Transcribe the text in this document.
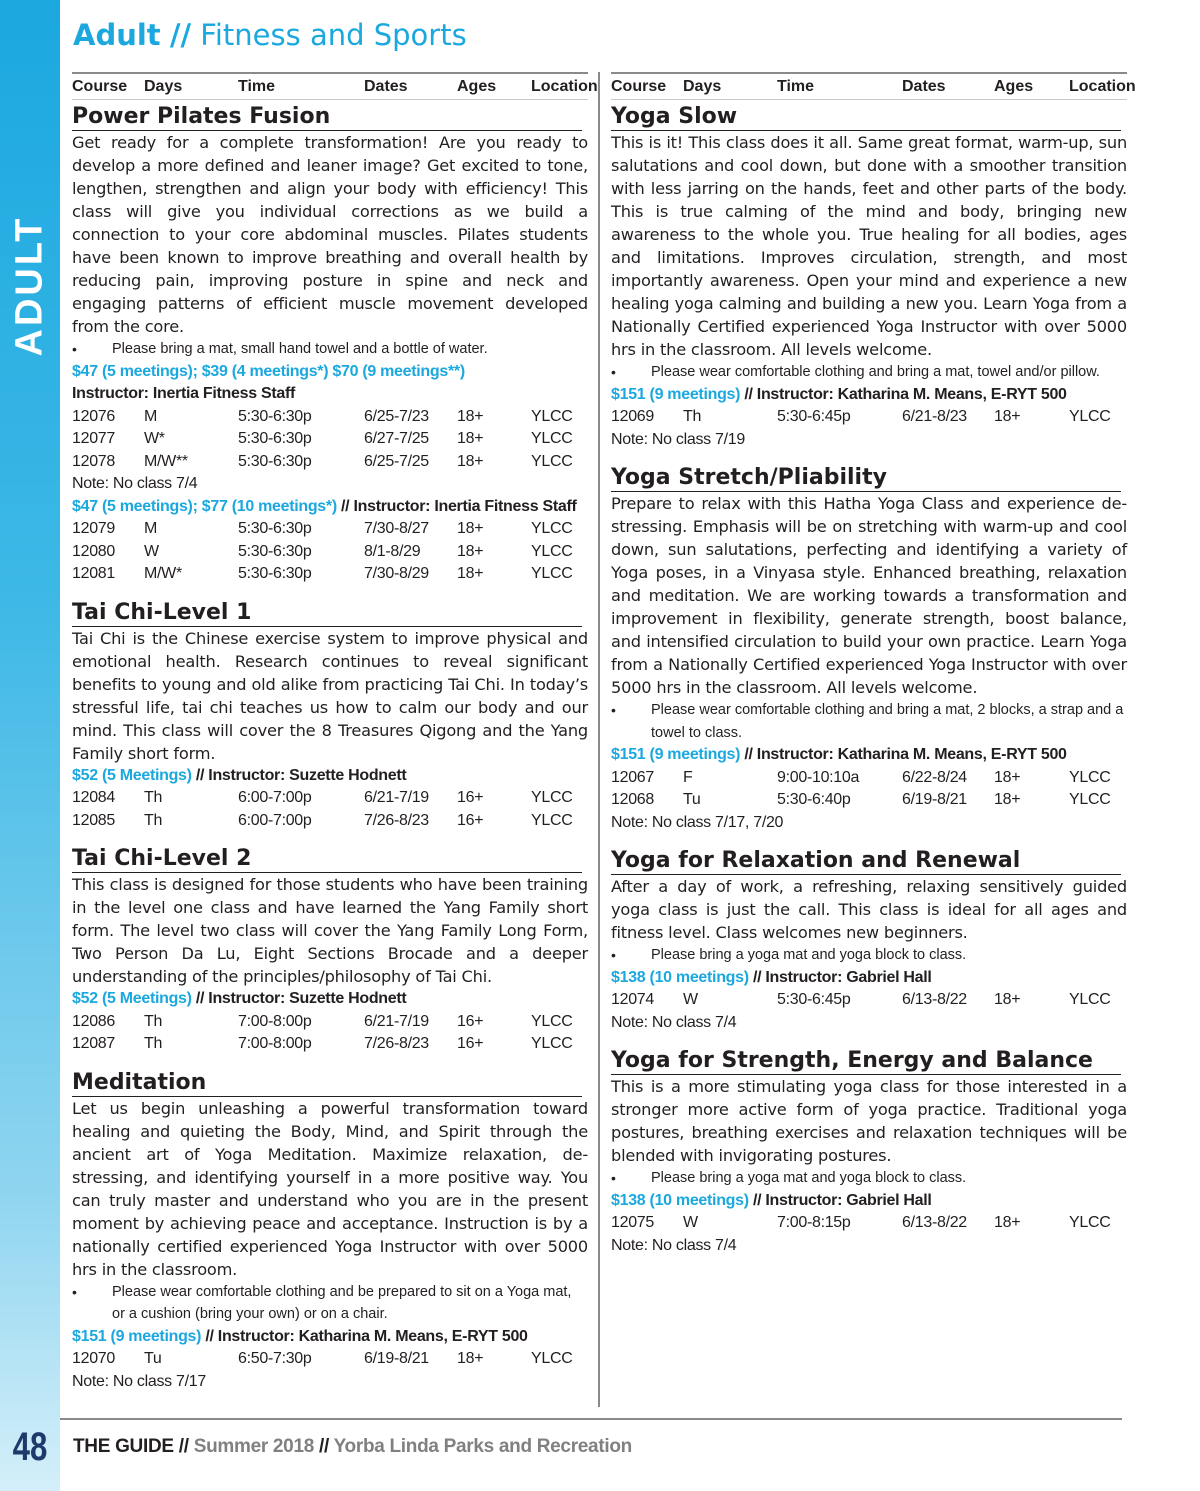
ADULT
48
Adult // Fitness and Sports
Course	Days	Time	Dates	Ages	Location
Power Pilates Fusion

Get ready for a complete transformation! Are you ready to develop a more defined and leaner image? Get excited to tone, lengthen, strengthen and align your body with efficiency! This class will give you individual corrections as we build a connection to your core abdominal muscles. Pilates students have been known to improve breathing and overall health by reducing pain, improving posture in spine and neck and engaging patterns of efficient muscle movement developed from the core.

•	Please bring a mat, small hand towel and a bottle of water.
$47 (5 meetings); $39 (4 meetings*) $70 (9 meetings**)
Instructor: Inertia Fitness Staff
12076	M	5:30-6:30p	6/25-7/23	18+	YLCC
12077	W*	5:30-6:30p	6/27-7/25	18+	YLCC
12078	M/W**	5:30-6:30p	6/25-7/25	18+	YLCC
Note: No class 7/4
$47 (5 meetings); $77 (10 meetings*) // Instructor: Inertia Fitness Staff
12079	M	5:30-6:30p	7/30-8/27	18+	YLCC
12080	W	5:30-6:30p	8/1-8/29	18+	YLCC
12081	M/W*	5:30-6:30p	7/30-8/29	18+	YLCC
Tai Chi-Level 1

Tai Chi is the Chinese exercise system to improve physical and emotional health. Research continues to reveal significant benefits to young and old alike from practicing Tai Chi. In today’s stressful life, tai chi teaches us how to calm our body and our mind. This class will cover the 8 Treasures Qigong and the Yang Family short form.

$52 (5 Meetings) // Instructor: Suzette Hodnett
12084	Th	6:00-7:00p	6/21-7/19	16+	YLCC
12085	Th	6:00-7:00p	7/26-8/23	16+	YLCC
Tai Chi-Level 2

This class is designed for those students who have been training in the level one class and have learned the Yang Family short form. The level two class will cover the Yang Family Long Form, Two Person Da Lu, Eight Sections Brocade and a deeper understanding of the principles/philosophy of Tai Chi.

$52 (5 Meetings) // Instructor: Suzette Hodnett
12086	Th	7:00-8:00p	6/21-7/19	16+	YLCC
12087	Th	7:00-8:00p	7/26-8/23	16+	YLCC
Meditation

Let us begin unleashing a powerful transformation toward healing and quieting the Body, Mind, and Spirit through the ancient art of Yoga Meditation. Maximize relaxation, de-stressing, and identifying yourself in a more positive way. You can truly master and understand who you are in the present moment by achieving peace and acceptance. Instruction is by a nationally certified experienced Yoga Instructor with over 5000 hrs in the classroom.

•	Please wear comfortable clothing and be prepared to sit on a Yoga mat, or a cushion (bring your own) or on a chair.
$151 (9 meetings) // Instructor: Katharina M. Means, E-RYT 500
12070	Tu	6:50-7:30p	6/19-8/21	18+	YLCC
Note: No class 7/17
Course	Days	Time	Dates	Ages	Location
Yoga Slow

This is it! This class does it all. Same great format, warm-up, sun salutations and cool down, but done with a smoother transition with less jarring on the hands, feet and other parts of the body. This is true calming of the mind and body, bringing new awareness to the whole you. True healing for all bodies, ages and limitations. Improves circulation, strength, and most importantly awareness. Open your mind and experience a new healing yoga calming and building a new you. Learn Yoga from a Nationally Certified experienced Yoga Instructor with over 5000 hrs in the classroom. All levels welcome.

•	Please wear comfortable clothing and bring a mat, towel and/or pillow.
$151 (9 meetings) // Instructor: Katharina M. Means, E-RYT 500
12069	Th	5:30-6:45p	6/21-8/23	18+	YLCC
Note: No class 7/19
Yoga Stretch/Pliability

Prepare to relax with this Hatha Yoga Class and experience de-stressing. Emphasis will be on stretching with warm-up and cool down, sun salutations, perfecting and identifying a variety of Yoga poses, in a Vinyasa style. Enhanced breathing, relaxation and meditation. We are working towards a transformation and improvement in flexibility, generate strength, boost balance, and intensified circulation to build your own practice. Learn Yoga from a Nationally Certified experienced Yoga Instructor with over 5000 hrs in the classroom. All levels welcome.

•	Please wear comfortable clothing and bring a mat, 2 blocks, a strap and a towel to class.
$151 (9 meetings) // Instructor: Katharina M. Means, E-RYT 500
12067	F	9:00-10:10a	6/22-8/24	18+	YLCC
12068	Tu	5:30-6:40p	6/19-8/21	18+	YLCC
Note: No class 7/17, 7/20
Yoga for Relaxation and Renewal

After a day of work, a refreshing, relaxing sensitively guided yoga class is just the call. This class is ideal for all ages and fitness level. Class welcomes new beginners.

•	Please bring a yoga mat and yoga block to class.
$138 (10 meetings) // Instructor: Gabriel Hall
12074	W	5:30-6:45p	6/13-8/22	18+	YLCC
Note: No class 7/4
Yoga for Strength, Energy and Balance

This is a more stimulating yoga class for those interested in a stronger more active form of yoga practice. Traditional yoga postures, breathing exercises and relaxation techniques will be blended with invigorating postures.

•	Please bring a yoga mat and yoga block to class.
$138 (10 meetings) // Instructor: Gabriel Hall
12075	W	7:00-8:15p	6/13-8/22	18+	YLCC
Note: No class 7/4
THE GUIDE // Summer 2018 // Yorba Linda Parks and Recreation
